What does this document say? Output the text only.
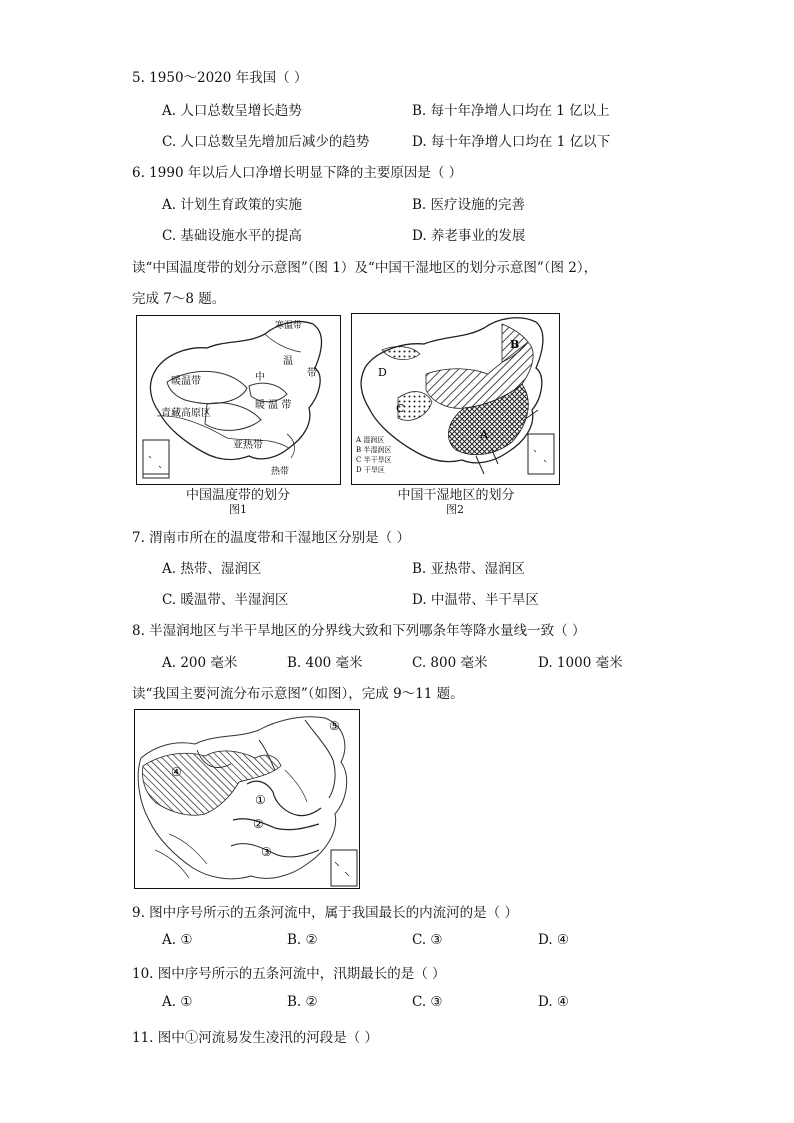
5. 1950～2020 年我国（ ）
A. 人口总数呈增长趋势	B. 每十年净增人口均在 1 亿以上
C. 人口总数呈先增加后减少的趋势	D. 每十年净增人口均在 1 亿以下
6. 1990 年以后人口净增长明显下降的主要原因是（ ）
A. 计划生育政策的实施	B. 医疗设施的完善
C. 基础设施水平的提高	D. 养老事业的发展
读“中国温度带的划分示意图”（图 1）及“中国干湿地区的划分示意图”（图 2），
完成 7～8 题。
寒温带
温
带
中
暖温带
暖 温 带
青藏高原区
亚热带
热带
中国温度带的划分
图1
B
D
C
A
A 湿润区
B 半湿润区
C 半干旱区
D 干旱区
中国干湿地区的划分
图2
7. 渭南市所在的温度带和干湿地区分别是（ ）
A. 热带、湿润区	B. 亚热带、湿润区
C. 暖温带、半湿润区	D. 中温带、半干旱区
8. 半湿润地区与半干旱地区的分界线大致和下列哪条年等降水量线一致（ ）
A. 200 毫米	B. 400 毫米	C. 800 毫米	D. 1000 毫米
读“我国主要河流分布示意图”（如图），完成 9～11 题。
⑤
④
①
②
③
9. 图中序号所示的五条河流中，属于我国最长的内流河的是（ ）
A. ①	B. ②	C. ③	D. ④
10. 图中序号所示的五条河流中，汛期最长的是（ ）
A. ①	B. ②	C. ③	D. ④
11. 图中①河流易发生凌汛的河段是（ ）
